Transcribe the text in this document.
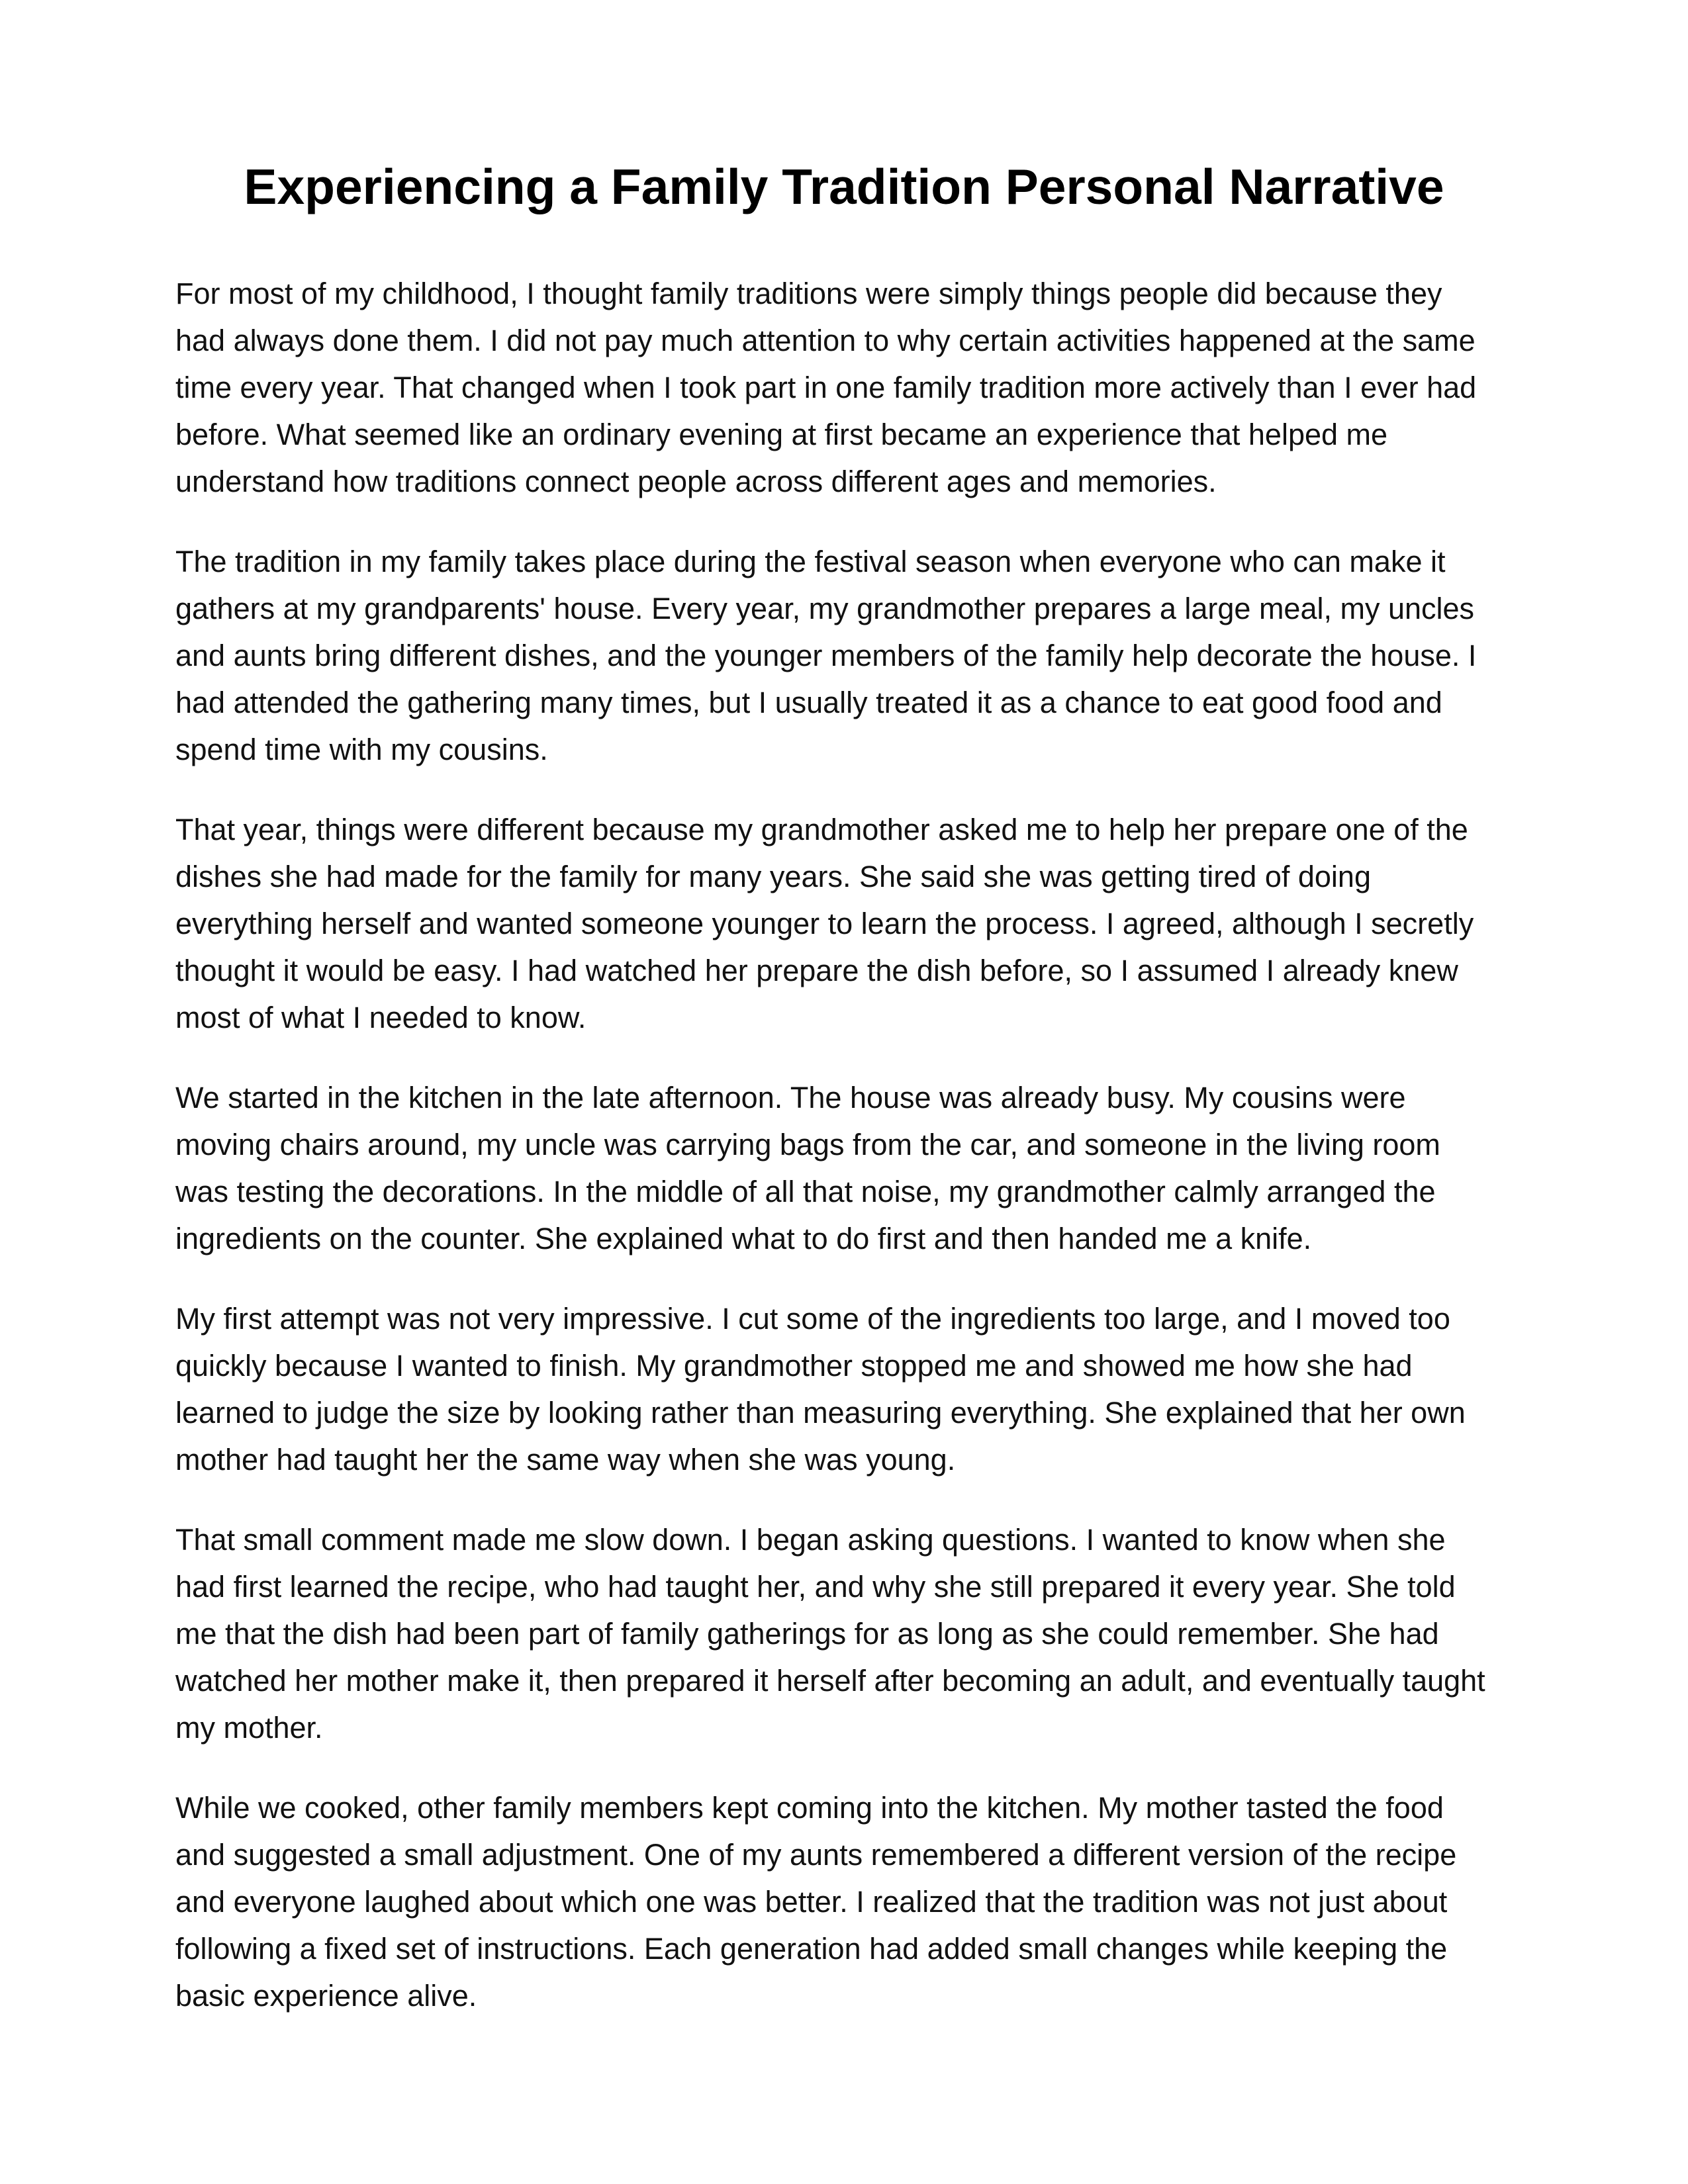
Experiencing a Family Tradition Personal Narrative

For most of my childhood, I thought family traditions were simply things people did because they
had always done them. I did not pay much attention to why certain activities happened at the same
time every year. That changed when I took part in one family tradition more actively than I ever had
before. What seemed like an ordinary evening at first became an experience that helped me
understand how traditions connect people across different ages and memories.

The tradition in my family takes place during the festival season when everyone who can make it
gathers at my grandparents' house. Every year, my grandmother prepares a large meal, my uncles
and aunts bring different dishes, and the younger members of the family help decorate the house. I
had attended the gathering many times, but I usually treated it as a chance to eat good food and
spend time with my cousins.

That year, things were different because my grandmother asked me to help her prepare one of the
dishes she had made for the family for many years. She said she was getting tired of doing
everything herself and wanted someone younger to learn the process. I agreed, although I secretly
thought it would be easy. I had watched her prepare the dish before, so I assumed I already knew
most of what I needed to know.

We started in the kitchen in the late afternoon. The house was already busy. My cousins were
moving chairs around, my uncle was carrying bags from the car, and someone in the living room
was testing the decorations. In the middle of all that noise, my grandmother calmly arranged the
ingredients on the counter. She explained what to do first and then handed me a knife.

My first attempt was not very impressive. I cut some of the ingredients too large, and I moved too
quickly because I wanted to finish. My grandmother stopped me and showed me how she had
learned to judge the size by looking rather than measuring everything. She explained that her own
mother had taught her the same way when she was young.

That small comment made me slow down. I began asking questions. I wanted to know when she
had first learned the recipe, who had taught her, and why she still prepared it every year. She told
me that the dish had been part of family gatherings for as long as she could remember. She had
watched her mother make it, then prepared it herself after becoming an adult, and eventually taught
my mother.

While we cooked, other family members kept coming into the kitchen. My mother tasted the food
and suggested a small adjustment. One of my aunts remembered a different version of the recipe
and everyone laughed about which one was better. I realized that the tradition was not just about
following a fixed set of instructions. Each generation had added small changes while keeping the
basic experience alive.
